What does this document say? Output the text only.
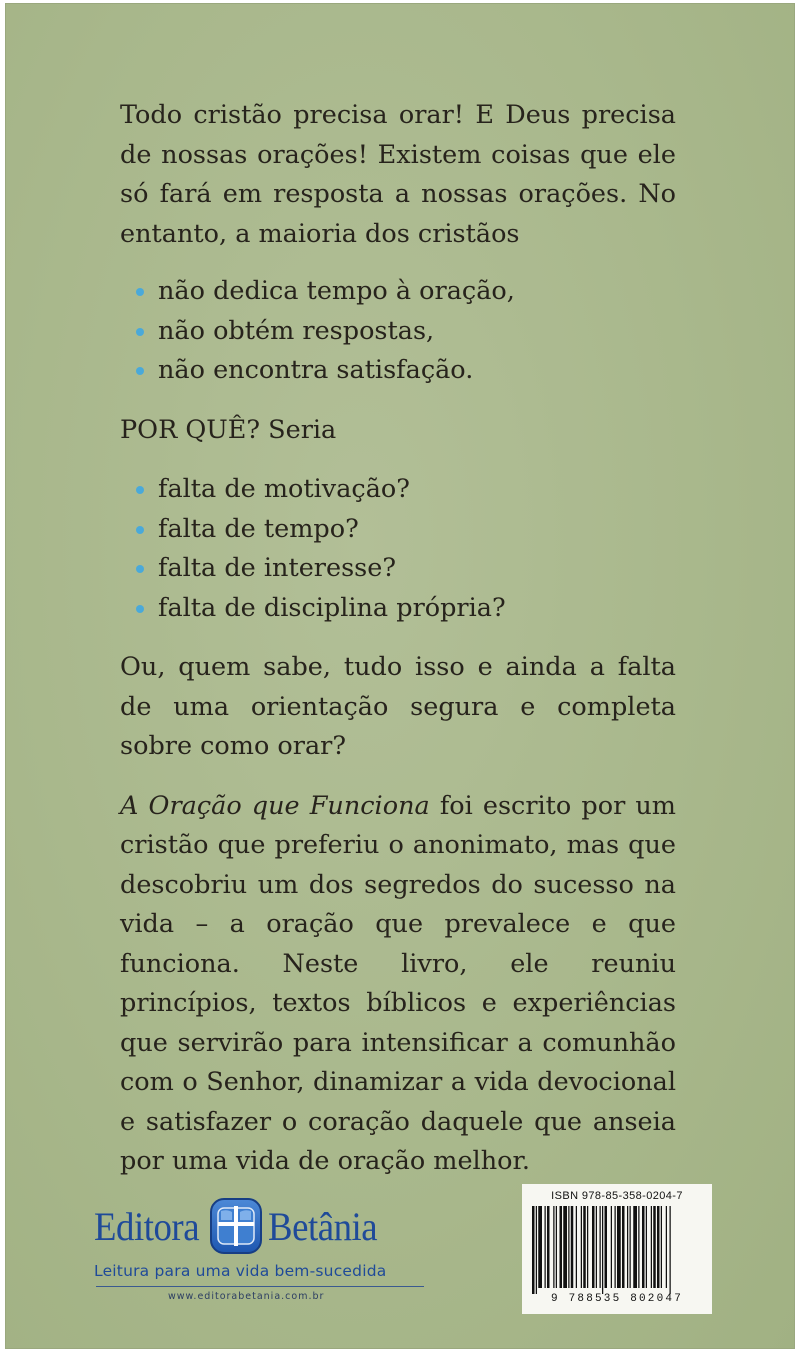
Todo cristão precisa orar! E Deus precisa de nossas orações! Existem coisas que ele só fará em resposta a nossas orações. No entanto, a maioria dos cristãos

não dedica tempo à oração,
não obtém respostas,
não encontra satisfação.

POR QUÊ? Seria

falta de motivação?
falta de tempo?
falta de interesse?
falta de disciplina própria?

Ou, quem sabe, tudo isso e ainda a falta de uma orientação segura e completa sobre como orar?

A Oração que Funciona foi escrito por um cristão que preferiu o anonimato, mas que descobriu um dos segredos do sucesso na vida – a oração que prevalece e que funciona. Neste livro, ele reuniu princípios, textos bíblicos e experiências que servirão para intensificar a comunhão com o Senhor, dinamizar a vida devocional e satisfazer o coração daquele que anseia por uma vida de oração melhor.

Editora Betânia
Leitura para uma vida bem-sucedida
www.editorabetania.com.br
ISBN 978-85-358-0204-7
9 788535 802047
